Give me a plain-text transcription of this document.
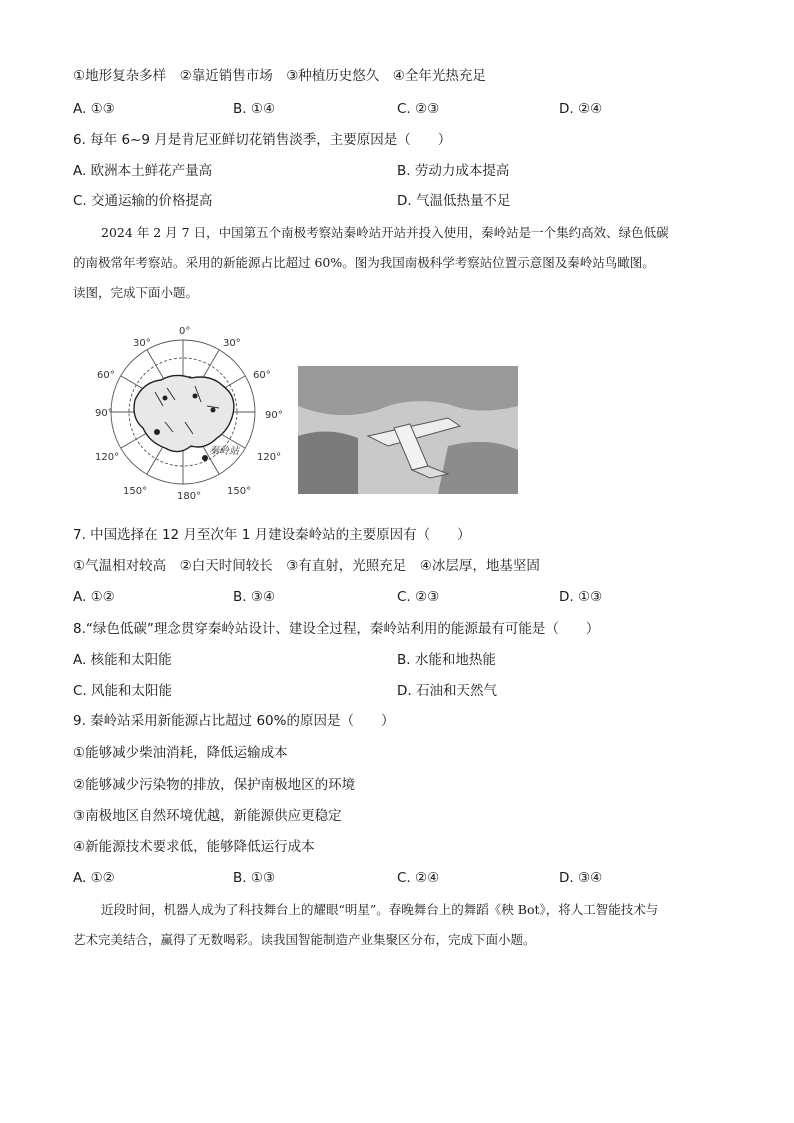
①地形复杂多样　②靠近销售市场　③种植历史悠久　④全年光热充足
A. ①③	B. ①④	C. ②③	D. ②④
6. 每年 6~9 月是肯尼亚鲜切花销售淡季，主要原因是（　　）
A. 欧洲本土鲜花产量高	B. 劳动力成本提高
C. 交通运输的价格提高	D. 气温低热量不足

2024 年 2 月 7 日，中国第五个南极考察站秦岭站开站并投入使用，秦岭站是一个集约高效、绿色低碳

的南极常年考察站。采用的新能源占比超过 60%。图为我国南极科学考察站位置示意图及秦岭站鸟瞰图。

读图，完成下面小题。

0°
30°	30°
60°	60°
90°	90°
120°	120°
150°	150°
180°
秦岭站
7. 中国选择在 12 月至次年 1 月建设秦岭站的主要原因有（　　）
①气温相对较高　②白天时间较长　③有直射，光照充足　④冰层厚，地基坚固
A. ①②	B. ③④	C. ②③	D. ①③
8.“绿色低碳”理念贯穿秦岭站设计、建设全过程，秦岭站利用的能源最有可能是（　　）
A. 核能和太阳能	B. 水能和地热能
C. 风能和太阳能	D. 石油和天然气
9. 秦岭站采用新能源占比超过 60%的原因是（　　）
①能够减少柴油消耗，降低运输成本
②能够减少污染物的排放，保护南极地区的环境
③南极地区自然环境优越，新能源供应更稳定
④新能源技术要求低，能够降低运行成本
A. ①②	B. ①③	C. ②④	D. ③④

近段时间，机器人成为了科技舞台上的耀眼“明星”。春晚舞台上的舞蹈《秧 Bot》，将人工智能技术与

艺术完美结合，赢得了无数喝彩。读我国智能制造产业集聚区分布，完成下面小题。
